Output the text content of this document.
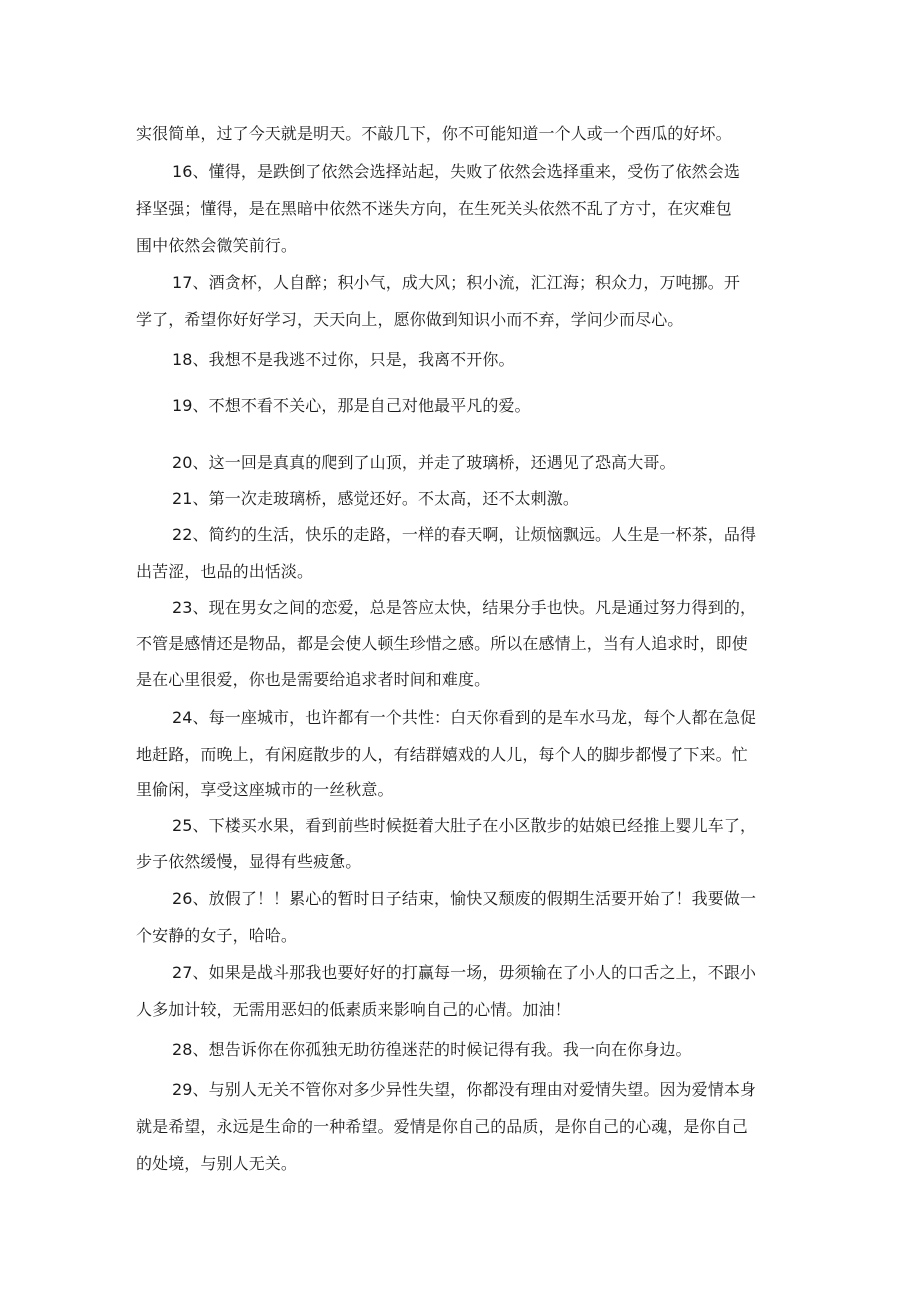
实很简单，过了今天就是明天。不敲几下，你不可能知道一个人或一个西瓜的好坏。

16、懂得，是跌倒了依然会选择站起，失败了依然会选择重来，受伤了依然会选

择坚强；懂得，是在黑暗中依然不迷失方向，在生死关头依然不乱了方寸，在灾难包

围中依然会微笑前行。

17、酒贪杯，人自醉；积小气，成大风；积小流，汇江海；积众力，万吨挪。开

学了，希望你好好学习，天天向上，愿你做到知识小而不弃，学问少而尽心。

18、我想不是我逃不过你，只是，我离不开你。

19、不想不看不关心，那是自己对他最平凡的爱。

20、这一回是真真的爬到了山顶，并走了玻璃桥，还遇见了恐高大哥。

21、第一次走玻璃桥，感觉还好。不太高，还不太刺激。

22、简约的生活，快乐的走路，一样的春天啊，让烦恼飘远。人生是一杯茶，品得

出苦涩，也品的出恬淡。

23、现在男女之间的恋爱，总是答应太快，结果分手也快。凡是通过努力得到的，

不管是感情还是物品，都是会使人顿生珍惜之感。所以在感情上，当有人追求时，即使

是在心里很爱，你也是需要给追求者时间和难度。

24、每一座城市，也许都有一个共性：白天你看到的是车水马龙，每个人都在急促

地赶路，而晚上，有闲庭散步的人，有结群嬉戏的人儿，每个人的脚步都慢了下来。忙

里偷闲，享受这座城市的一丝秋意。

25、下楼买水果，看到前些时候挺着大肚子在小区散步的姑娘已经推上婴儿车了，

步子依然缓慢，显得有些疲惫。

26、放假了！！累心的暂时日子结束，愉快又颓废的假期生活要开始了！我要做一

个安静的女子，哈哈。

27、如果是战斗那我也要好好的打赢每一场，毋须输在了小人的口舌之上，不跟小

人多加计较，无需用恶妇的低素质来影响自己的心情。加油！

28、想告诉你在你孤独无助彷徨迷茫的时候记得有我。我一向在你身边。

29、与别人无关不管你对多少异性失望，你都没有理由对爱情失望。因为爱情本身

就是希望，永远是生命的一种希望。爱情是你自己的品质，是你自己的心魂，是你自己

的处境，与别人无关。
